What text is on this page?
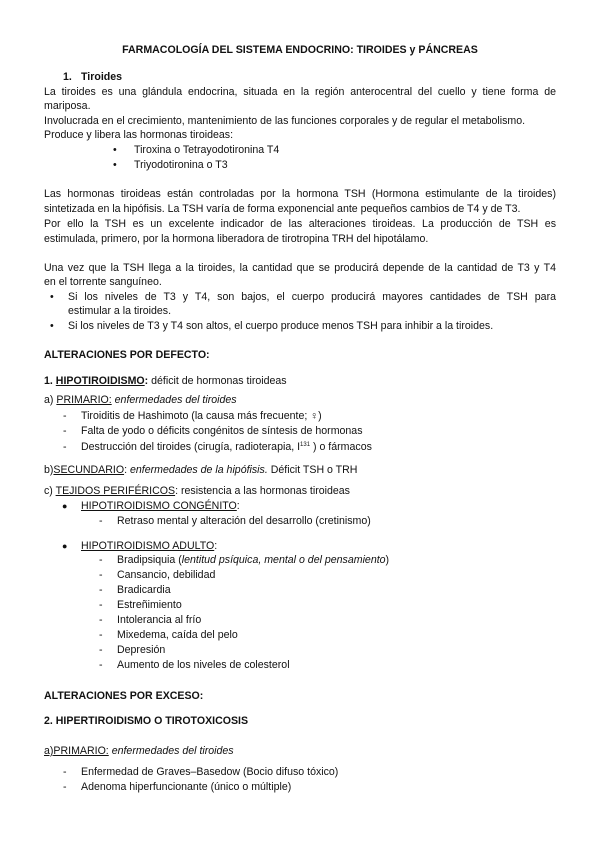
FARMACOLOGÍA DEL SISTEMA ENDOCRINO: TIROIDES y PÁNCREAS
1. Tiroides
La tiroides es una glándula endocrina, situada en la región anterocentral del cuello y tiene forma de
mariposa.
Involucrada en el crecimiento, mantenimiento de las funciones corporales y de regular el metabolismo.
Produce y libera las hormonas tiroideas:
• Tiroxina o Tetrayodotironina T4
• Triyodotironina o T3
Las hormonas tiroideas están controladas por la hormona TSH (Hormona estimulante de la tiroides)
sintetizada en la hipófisis. La TSH varía de forma exponencial ante pequeños cambios de T4 y de T3.
Por ello la TSH es un excelente indicador de las alteraciones tiroideas. La producción de TSH es
estimulada, primero, por la hormona liberadora de tirotropina TRH del hipotálamo.
Una vez que la TSH llega a la tiroides, la cantidad que se producirá depende de la cantidad de T3 y T4
en el torrente sanguíneo.
• Si los niveles de T3 y T4, son bajos, el cuerpo producirá mayores cantidades de TSH para
estimular a la tiroides.
• Si los niveles de T3 y T4 son altos, el cuerpo produce menos TSH para inhibir a la tiroides.
ALTERACIONES POR DEFECTO:
1. HIPOTIROIDISMO: déficit de hormonas tiroideas
a) PRIMARIO: enfermedades del tiroides
- Tiroiditis de Hashimoto (la causa más frecuente; ♀)
- Falta de yodo o déficits congénitos de síntesis de hormonas
- Destrucción del tiroides (cirugía, radioterapia, $I^{131}$ ) o fármacos
b)SECUNDARIO: enfermedades de la hipófisis. Déficit TSH o TRH
c) TEJIDOS PERIFÉRICOS: resistencia a las hormonas tiroideas
● HIPOTIROIDISMO CONGÉNITO:
- Retraso mental y alteración del desarrollo (cretinismo)
● HIPOTIROIDISMO ADULTO:
- Bradipsiquia (lentitud psíquica, mental o del pensamiento)
- Cansancio, debilidad
- Bradicardia
- Estreñimiento
- Intolerancia al frío
- Mixedema, caída del pelo
- Depresión
- Aumento de los niveles de colesterol
ALTERACIONES POR EXCESO:
2. HIPERTIROIDISMO O TIROTOXICOSIS
a)PRIMARIO: enfermedades del tiroides
- Enfermedad de Graves–Basedow (Bocio difuso tóxico)
- Adenoma hiperfuncionante (único o múltiple)
